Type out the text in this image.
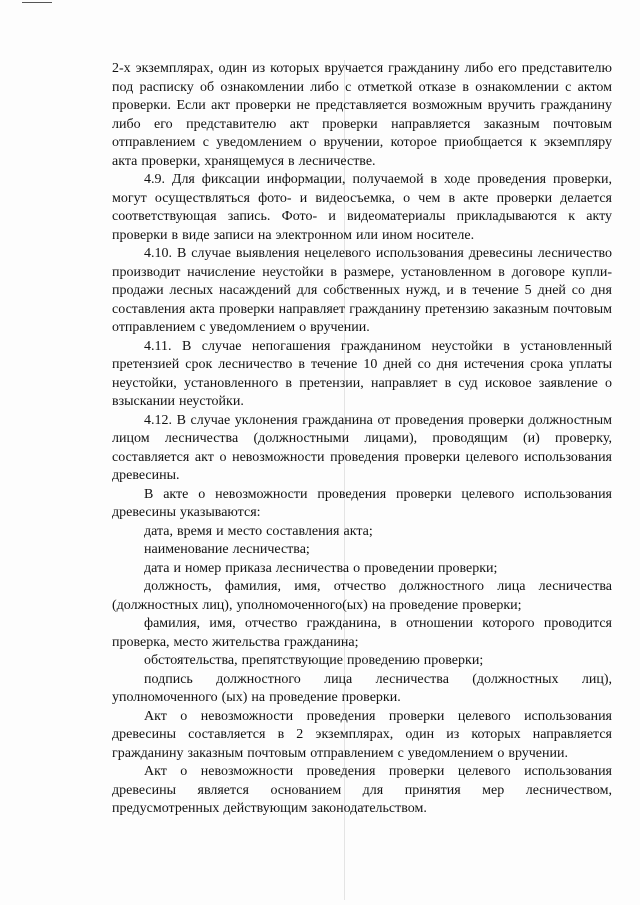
2-х экземплярах, один из которых вручается гражданину либо его представителю под расписку об ознакомлении либо с отметкой отказе в ознакомлении с актом проверки. Если акт проверки не представляется возможным вручить гражданину либо его представителю акт проверки направляется заказным почтовым отправлением с уведомлением о вручении, которое приобщается к экземпляру акта проверки, хранящемуся в лесничестве.

4.9. Для фиксации информации, получаемой в ходе проведения проверки, могут осуществляться фото- и видеосъемка, о чем в акте проверки делается соответствующая запись. Фото- и видеоматериалы прикладываются к акту проверки в виде записи на электронном или ином носителе.

4.10. В случае выявления нецелевого использования древесины лесничество производит начисление неустойки в размере, установленном в договоре купли-продажи лесных насаждений для собственных нужд, и в течение 5 дней со дня составления акта проверки направляет гражданину претензию заказным почтовым отправлением с уведомлением о вручении.

4.11. В случае непогашения гражданином неустойки в установленный претензией срок лесничество в течение 10 дней со дня истечения срока уплаты неустойки, установленного в претензии, направляет в суд исковое заявление о взыскании неустойки.

4.12. В случае уклонения гражданина от проведения проверки должностным лицом лесничества (должностными лицами), проводящим (и) проверку, составляется акт о невозможности проведения проверки целевого использования древесины.

В акте о невозможности проведения проверки целевого использования древесины указываются:

дата, время и место составления акта;

наименование лесничества;

дата и номер приказа лесничества о проведении проверки;

должность, фамилия, имя, отчество должностного лица лесничества (должностных лиц), уполномоченного(ых) на проведение проверки;

фамилия, имя, отчество гражданина, в отношении которого проводится проверка, место жительства гражданина;

обстоятельства, препятствующие проведению проверки;

подпись должностного лица лесничества (должностных лиц), уполномоченного (ых) на проведение проверки.

Акт о невозможности проведения проверки целевого использования древесины составляется в 2 экземплярах, один из которых направляется гражданину заказным почтовым отправлением с уведомлением о вручении.

Акт о невозможности проведения проверки целевого использования древесины является основанием для принятия мер лесничеством, предусмотренных действующим законодательством.
